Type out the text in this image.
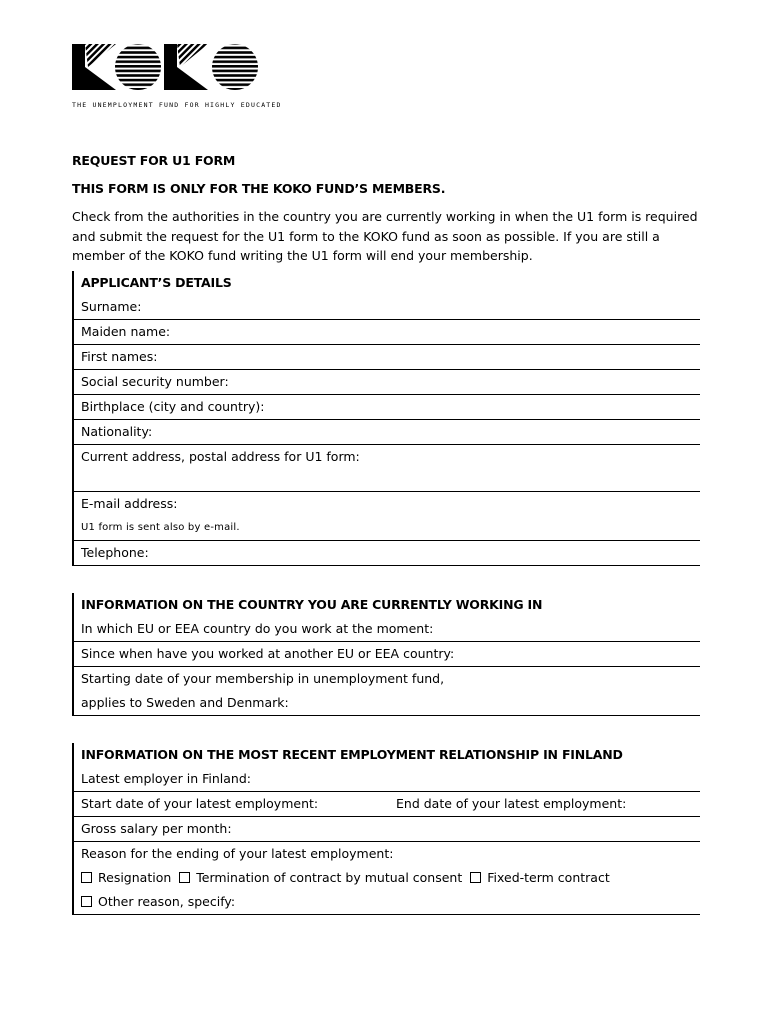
THE UNEMPLOYMENT FUND FOR HIGHLY EDUCATED
REQUEST FOR U1 FORM
THIS FORM IS ONLY FOR THE KOKO FUND’S MEMBERS.
Check from the authorities in the country you are currently working in when the U1 form is required and submit the request for the U1 form to the KOKO fund as soon as possible. If you are still a member of the KOKO fund writing the U1 form will end your membership.
APPLICANT’S DETAILS
Surname:
Maiden name:
First names:
Social security number:
Birthplace (city and country):
Nationality:
Current address, postal address for U1 form:
E-mail address:
U1 form is sent also by e-mail.
Telephone:
INFORMATION ON THE COUNTRY YOU ARE CURRENTLY WORKING IN
In which EU or EEA country do you work at the moment:
Since when have you worked at another EU or EEA country:
Starting date of your membership in unemployment fund,
applies to Sweden and Denmark:
INFORMATION ON THE MOST RECENT EMPLOYMENT RELATIONSHIP IN FINLAND
Latest employer in Finland:
Start date of your latest employment:	End date of your latest employment:
Gross salary per month:
Reason for the ending of your latest employment:
Resignation Termination of contract by mutual consent Fixed-term contract
Other reason, specify:
